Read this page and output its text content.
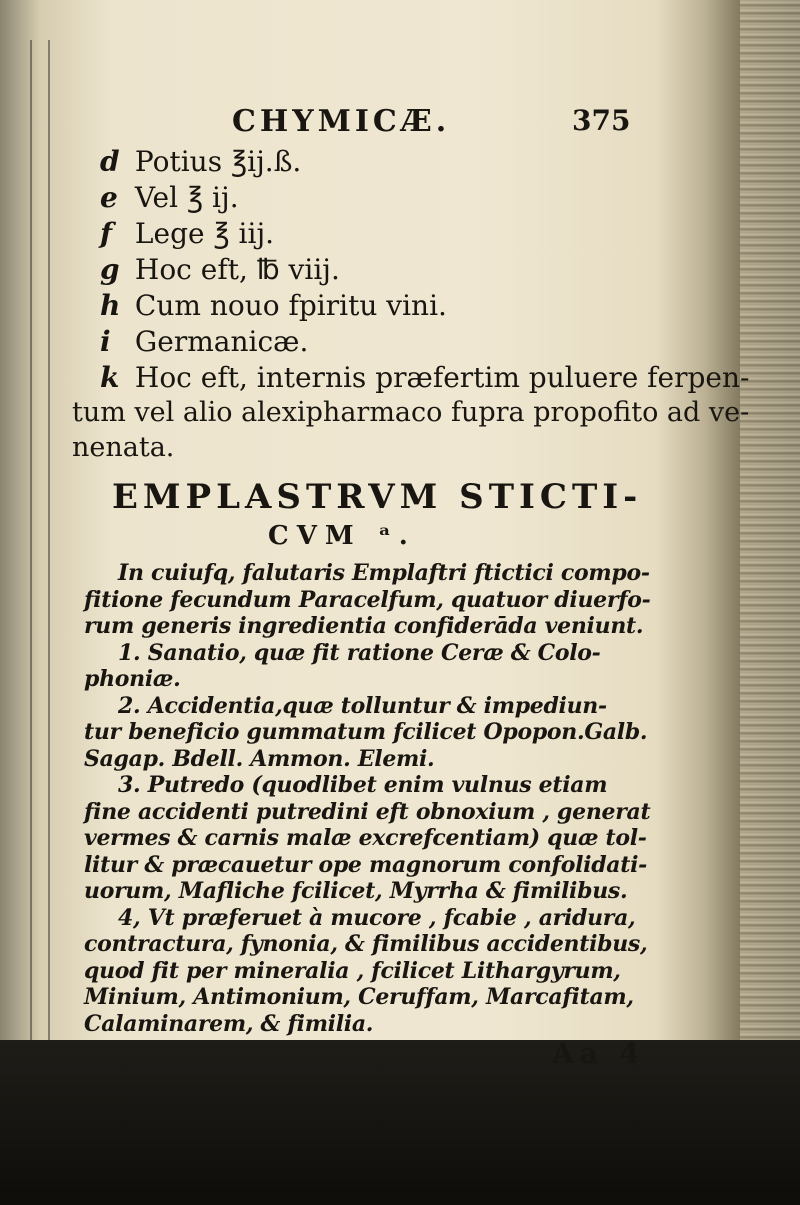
CHYMICÆ.	375
d Potius ℥ij.ß.
e Vel ℥ ij.
f Lege ℥ iij.
g Hoc eft, ℔ viij.
h Cum nouo fpiritu vini.
i Germanicæ.
k Hoc eft, internis præfertim puluere ferpen-
tum vel alio alexipharmaco fupra propofito ad ve-
nenata.
EMPLASTRVM STICTI-
CVM ᵃ.
In cuiufq, falutaris Emplaftri ftictici compo-
fitione fecundum Paracelfum, quatuor diuerfo-
rum generis ingredientia confiderāda veniunt.
1. Sanatio, quæ fit ratione Ceræ & Colo-
phoniæ.
2. Accidentia,quæ tolluntur & impediun-
tur beneficio gummatum fcilicet Opopon.Galb.
Sagap. Bdell. Ammon. Elemi.
3. Putredo (quodlibet enim vulnus etiam
fine accidenti putredini eft obnoxium , generat
vermes & carnis malæ excrefcentiam) quæ tol-
litur & præcauetur ope magnorum confolidati-
uorum, Mafliche fcilicet, Myrrha & fimilibus.
4, Vt præferuet à mucore , fcabie , aridura,
contractura, fynonia, & fimilibus accidentibus,
quod fit per mineralia , fcilicet Lithargyrum,
Minium, Antimonium, Ceruffam, Marcafitam,
Calaminarem, & fimilia.
Aa 4
